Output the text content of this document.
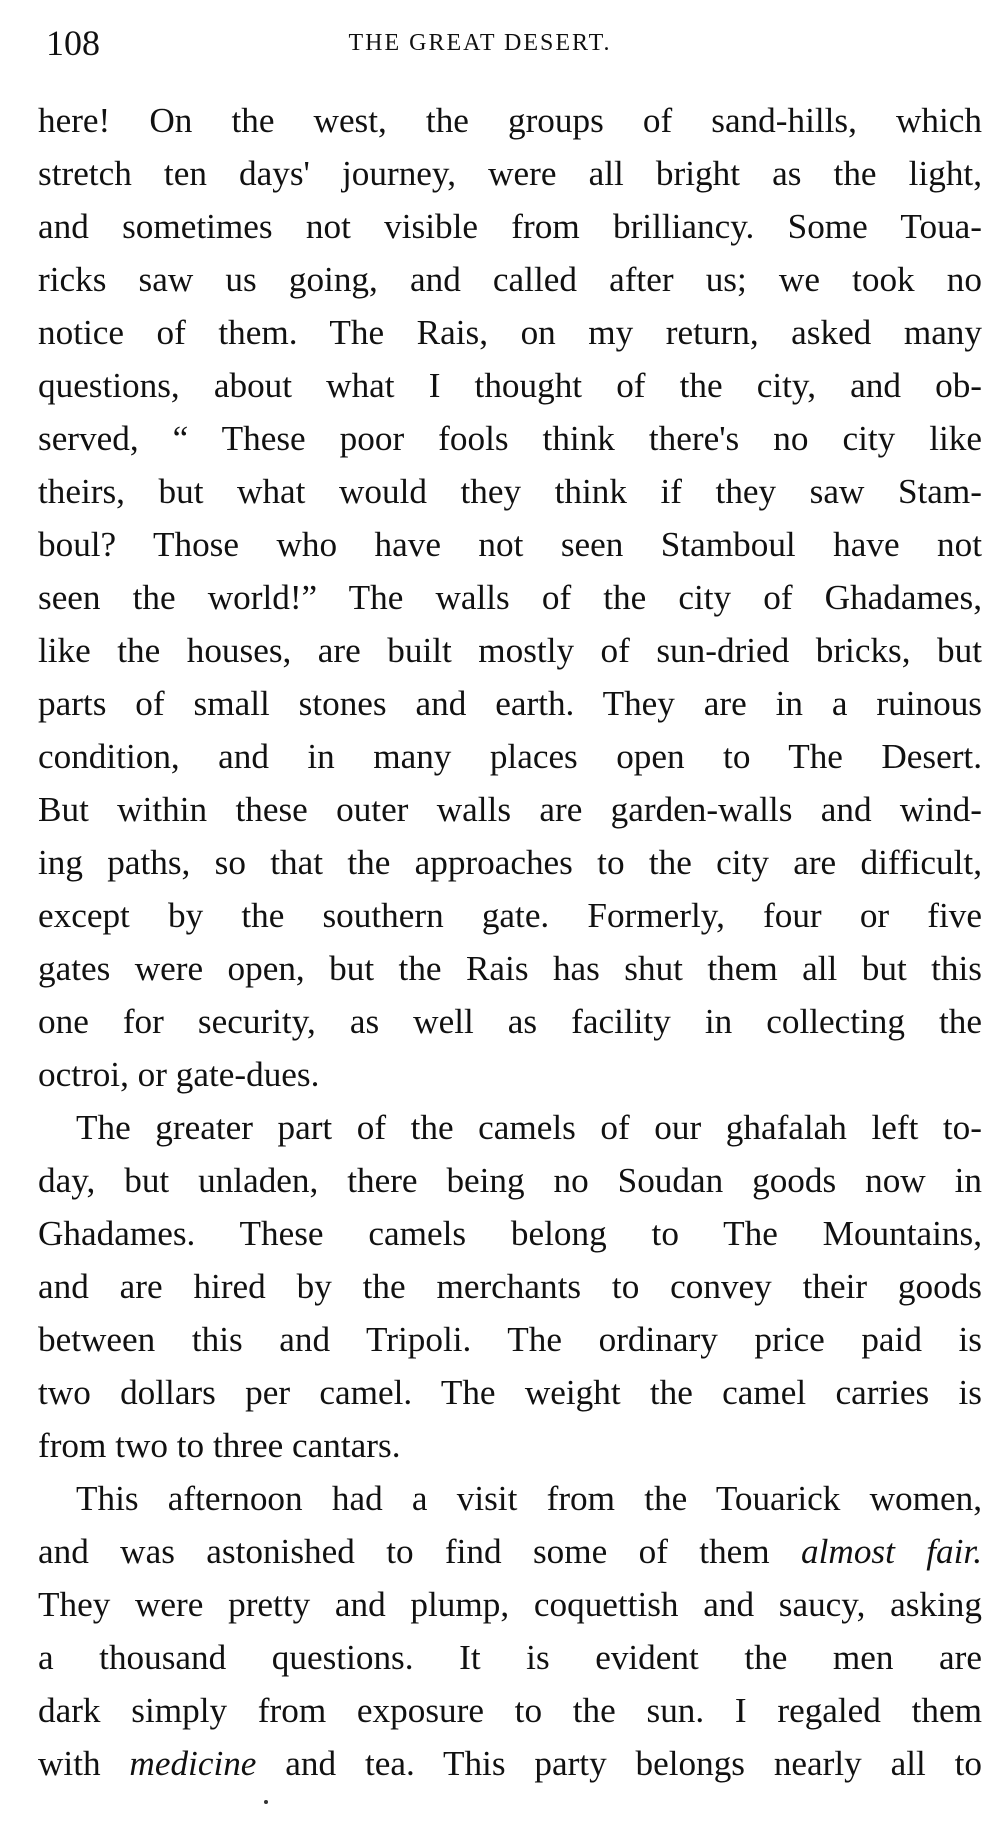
108	THE GREAT DESERT.
here! On the west, the groups of sand-hills, which
stretch ten days' journey, were all bright as the light,
and sometimes not visible from brilliancy. Some Toua-
ricks saw us going, and called after us; we took no
notice of them. The Rais, on my return, asked many
questions, about what I thought of the city, and ob-
served, “ These poor fools think there's no city like
theirs, but what would they think if they saw Stam-
boul? Those who have not seen Stamboul have not
seen the world!” The walls of the city of Ghadames,
like the houses, are built mostly of sun-dried bricks, but
parts of small stones and earth. They are in a ruinous
condition, and in many places open to The Desert.
But within these outer walls are garden-walls and wind-
ing paths, so that the approaches to the city are difficult,
except by the southern gate. Formerly, four or five
gates were open, but the Rais has shut them all but this
one for security, as well as facility in collecting the
octroi, or gate-dues.
The greater part of the camels of our ghafalah left to-
day, but unladen, there being no Soudan goods now in
Ghadames. These camels belong to The Mountains,
and are hired by the merchants to convey their goods
between this and Tripoli. The ordinary price paid is
two dollars per camel. The weight the camel carries is
from two to three cantars.
This afternoon had a visit from the Touarick women,
and was astonished to find some of them almost fair.
They were pretty and plump, coquettish and saucy, asking
a thousand questions. It is evident the men are
dark simply from exposure to the sun. I regaled them
with medicine and tea. This party belongs nearly all to
